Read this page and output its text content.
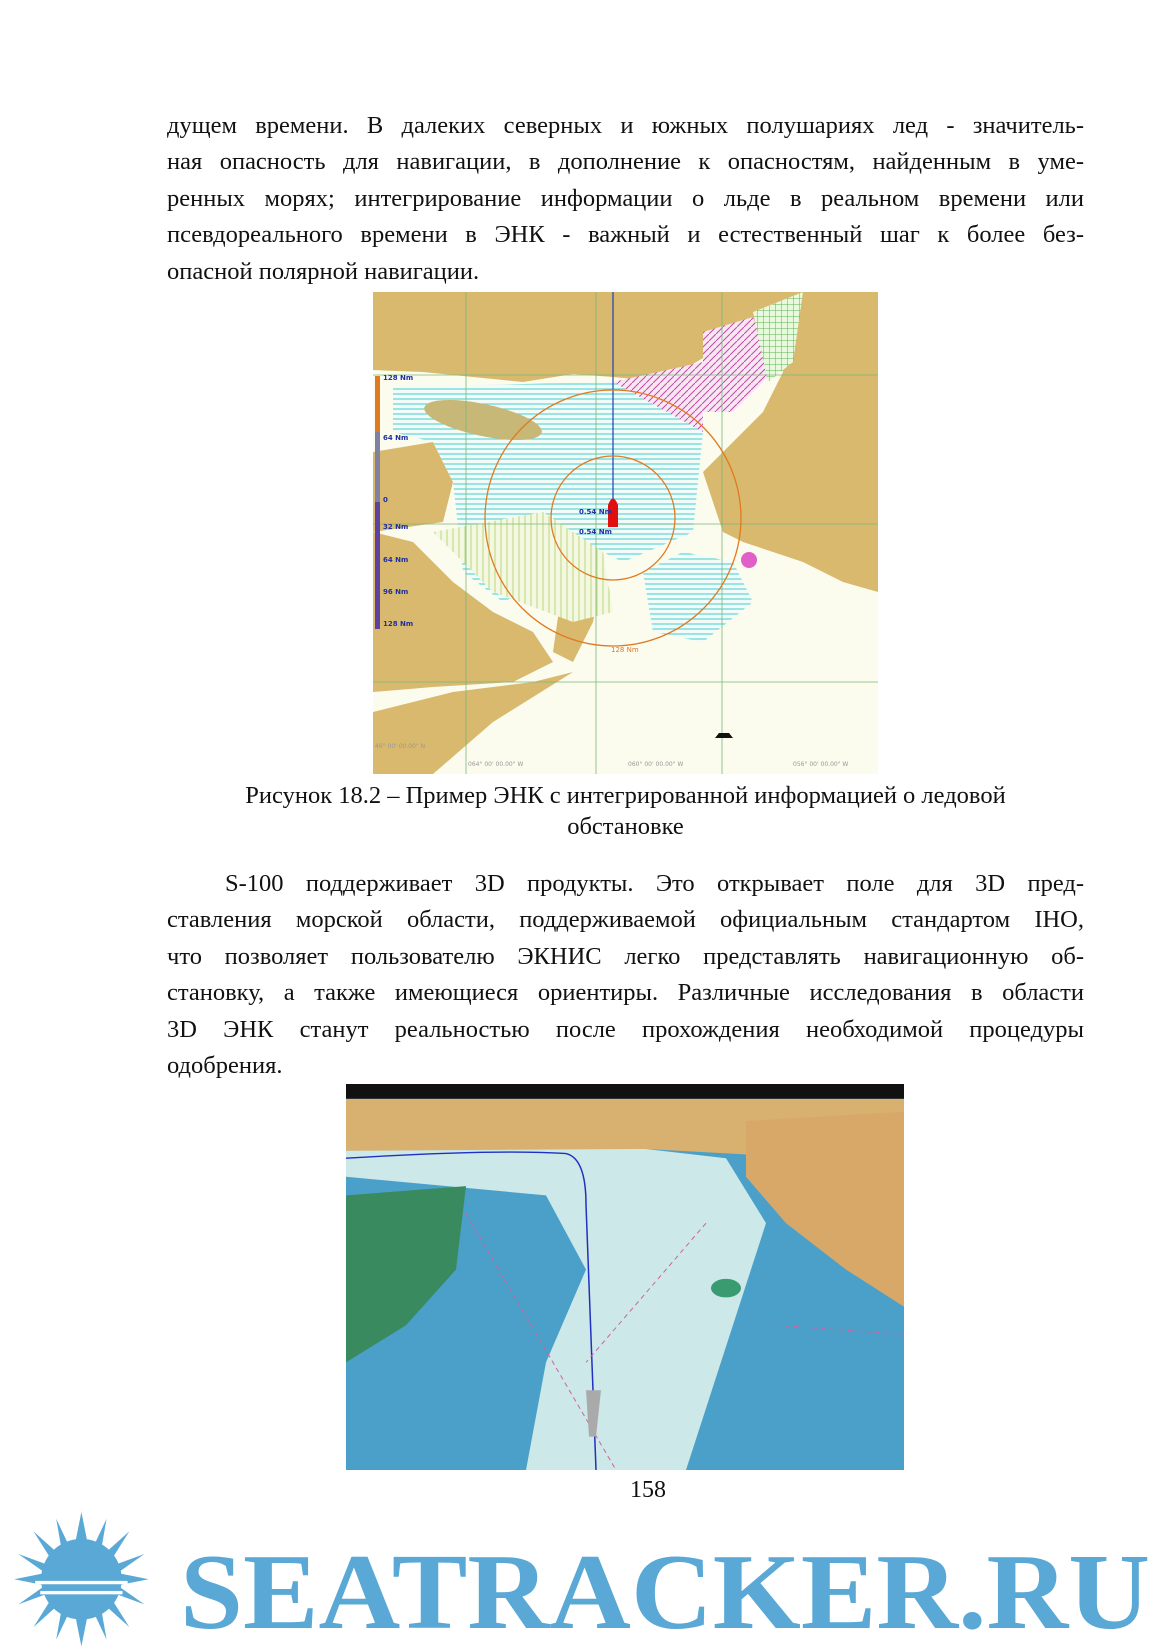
дущем времени. В далеких северных и южных полушариях лед - значитель-
ная опасность для навигации, в дополнение к опасностям, найденным в уме-
ренных морях; интегрирование информации о льде в реальном времени или
псевдореального времени в ЭНК - важный и естественный шаг к более без-
опасной полярной навигации.
128 Nm
64 Nm
0
32 Nm
64 Nm
96 Nm
128 Nm
0.54 Nm
0.54 Nm
128 Nm
46° 00' 00.00" N
064° 00' 00.00" W	060° 00' 00.00" W	056° 00' 00.00" W
Рисунок 18.2 – Пример ЭНК с интегрированной информацией о ледовой
обстановке
S-100 поддерживает 3D продукты. Это открывает поле для 3D пред-
ставления морской области, поддерживаемой официальным стандартом IHO,
что позволяет пользователю ЭКНИС легко представлять навигационную об-
становку, а также имеющиеся ориентиры. Различные исследования в области
3D ЭНК станут реальностью после прохождения необходимой процедуры
одобрения.
158
SEATRACKER.RU
